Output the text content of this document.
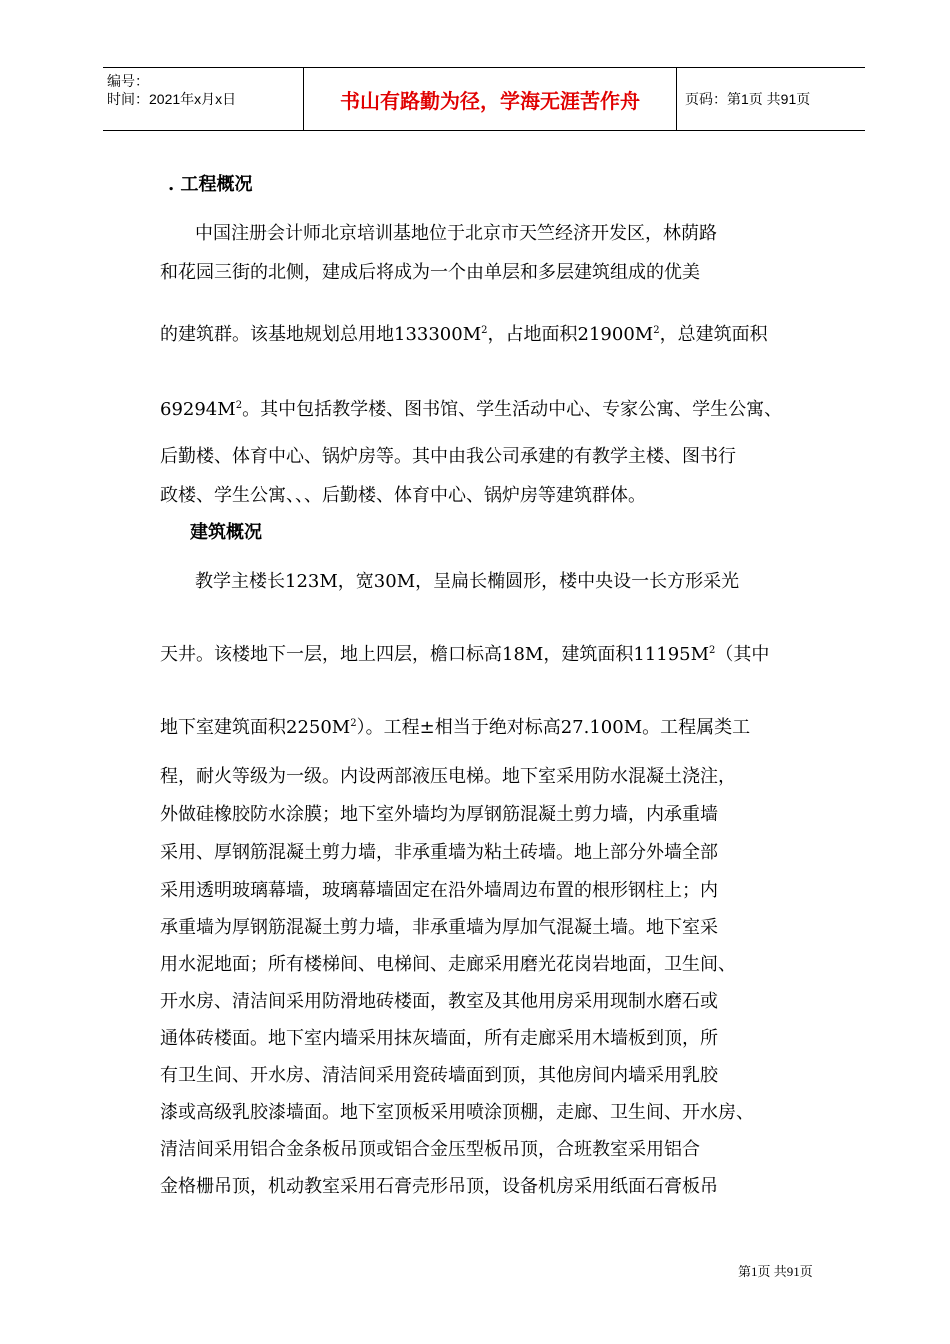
编号：
时间：2021年x月x日	书山有路勤为径，学海无涯苦作舟	页码：第1页 共91页
. 工程概况
中国注册会计师北京培训基地位于北京市天竺经济开发区，林荫路
和花园三街的北侧，建成后将成为一个由单层和多层建筑组成的优美
的建筑群。该基地规划总用地$133300M^2$，占地面积$21900M^2$，总建筑面积
$69294M^2$。其中包括教学楼、图书馆、学生活动中心、专家公寓、学生公寓、
后勤楼、体育中心、锅炉房等。其中由我公司承建的有教学主楼、图书行
政楼、学生公寓、、、后勤楼、体育中心、锅炉房等建筑群体。
建筑概况
教学主楼长123M，宽30M，呈扁长椭圆形，楼中央设一长方形采光
天井。该楼地下一层，地上四层，檐口标高18M，建筑面积$11195M^2$（其中
地下室建筑面积$2250M^2$）。工程±相当于绝对标高27.100M。工程属类工
程，耐火等级为一级。内设两部液压电梯。地下室采用防水混凝土浇注，
外做硅橡胶防水涂膜；地下室外墙均为厚钢筋混凝土剪力墙，内承重墙
采用、厚钢筋混凝土剪力墙，非承重墙为粘土砖墙。地上部分外墙全部
采用透明玻璃幕墙，玻璃幕墙固定在沿外墙周边布置的根形钢柱上；内
承重墙为厚钢筋混凝土剪力墙，非承重墙为厚加气混凝土墙。地下室采
用水泥地面；所有楼梯间、电梯间、走廊采用磨光花岗岩地面，卫生间、
开水房、清洁间采用防滑地砖楼面，教室及其他用房采用现制水磨石或
通体砖楼面。地下室内墙采用抹灰墙面，所有走廊采用木墙板到顶，所
有卫生间、开水房、清洁间采用瓷砖墙面到顶，其他房间内墙采用乳胶
漆或高级乳胶漆墙面。地下室顶板采用喷涂顶棚，走廊、卫生间、开水房、
清洁间采用铝合金条板吊顶或铝合金压型板吊顶，合班教室采用铝合
金格栅吊顶，机动教室采用石膏壳形吊顶，设备机房采用纸面石膏板吊
第1页 共91页
